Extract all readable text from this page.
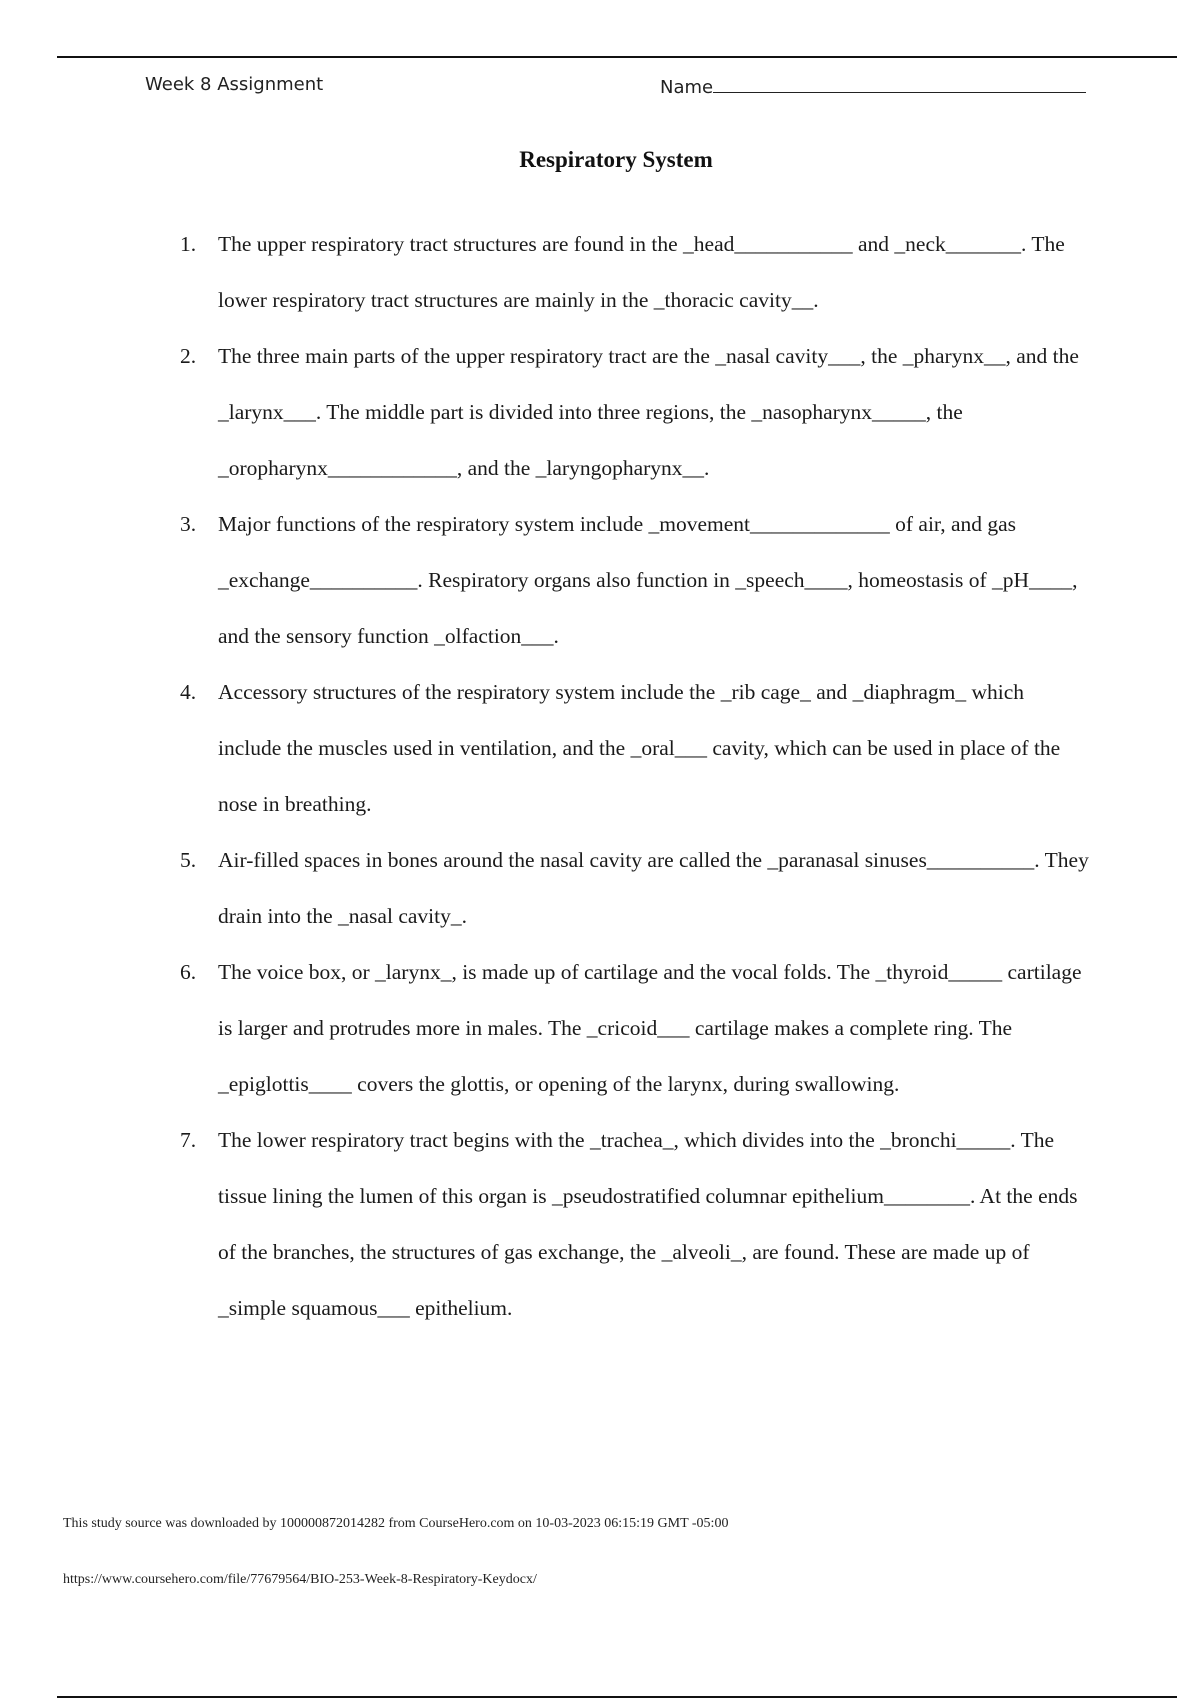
Week 8 Assignment	Name
Respiratory System
1. The upper respiratory tract structures are found in the _head___________ and _neck_______. The lower respiratory tract structures are mainly in the _thoracic cavity__.
2. The three main parts of the upper respiratory tract are the _nasal cavity___, the _pharynx__, and the _larynx___. The middle part is divided into three regions, the _nasopharynx_____, the _oropharynx____________, and the _laryngopharynx__.
3. Major functions of the respiratory system include _movement_____________ of air, and gas _exchange__________. Respiratory organs also function in _speech____, homeostasis of _pH____, and the sensory function _olfaction___.
4. Accessory structures of the respiratory system include the _rib cage_ and _diaphragm_ which include the muscles used in ventilation, and the _oral___ cavity, which can be used in place of the nose in breathing.
5. Air-filled spaces in bones around the nasal cavity are called the _paranasal sinuses__________. They drain into the _nasal cavity_.
6. The voice box, or _larynx_, is made up of cartilage and the vocal folds. The _thyroid_____ cartilage is larger and protrudes more in males. The _cricoid___ cartilage makes a complete ring. The _epiglottis____ covers the glottis, or opening of the larynx, during swallowing.
7. The lower respiratory tract begins with the _trachea_, which divides into the _bronchi_____. The tissue lining the lumen of this organ is _pseudostratified columnar epithelium________. At the ends of the branches, the structures of gas exchange, the _alveoli_, are found. These are made up of _simple squamous___ epithelium.
This study source was downloaded by 100000872014282 from CourseHero.com on 10-03-2023 06:15:19 GMT -05:00
https://www.coursehero.com/file/77679564/BIO-253-Week-8-Respiratory-Keydocx/
